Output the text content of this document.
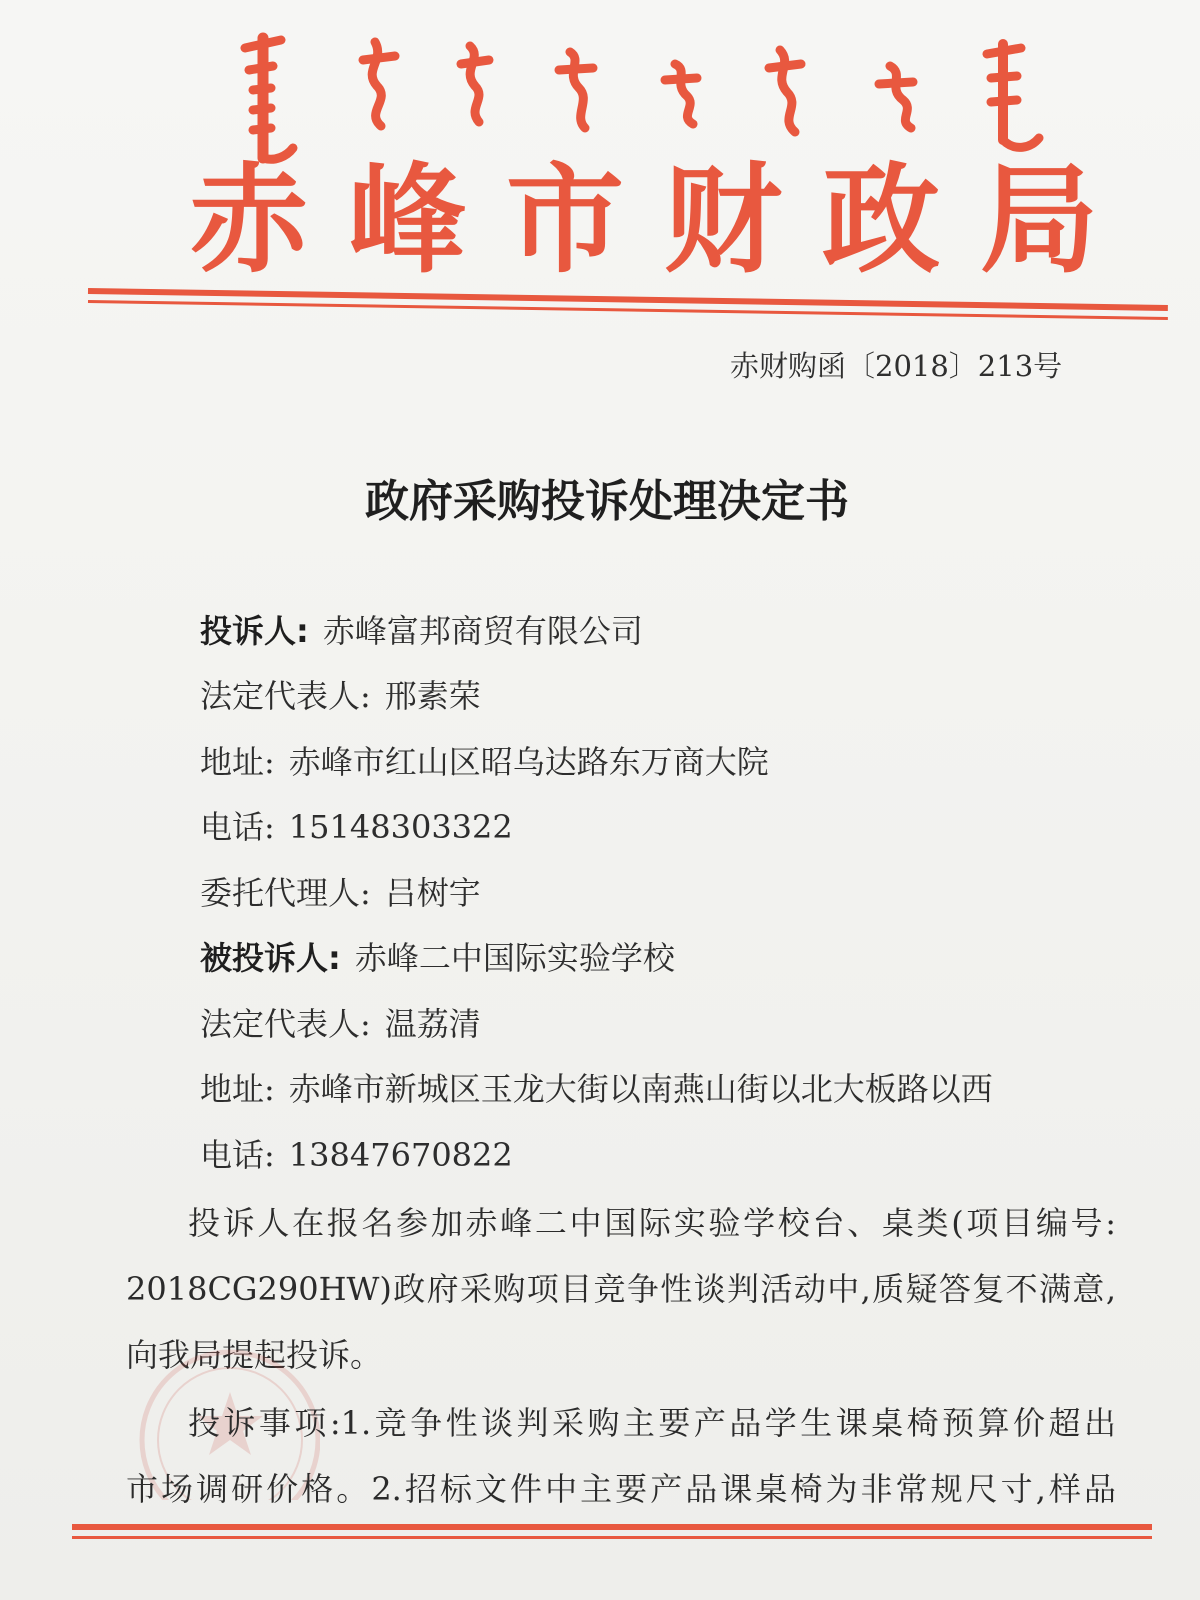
赤峰市财政局
赤财购函〔2018〕213号
政府采购投诉处理决定书
投诉人: 赤峰富邦商贸有限公司
法定代表人: 邢素荣
地址: 赤峰市红山区昭乌达路东万商大院
电话: 15148303322
委托代理人: 吕树宇
被投诉人: 赤峰二中国际实验学校
法定代表人: 温荔清
地址: 赤峰市新城区玉龙大街以南燕山街以北大板路以西
电话: 13847670822
投诉人在报名参加赤峰二中国际实验学校台、桌类(项目编号:
2018CG290HW)政府采购项目竞争性谈判活动中,质疑答复不满意,
向我局提起投诉。
投诉事项:1.竞争性谈判采购主要产品学生课桌椅预算价超出
市场调研价格。2.招标文件中主要产品课桌椅为非常规尺寸,样品
